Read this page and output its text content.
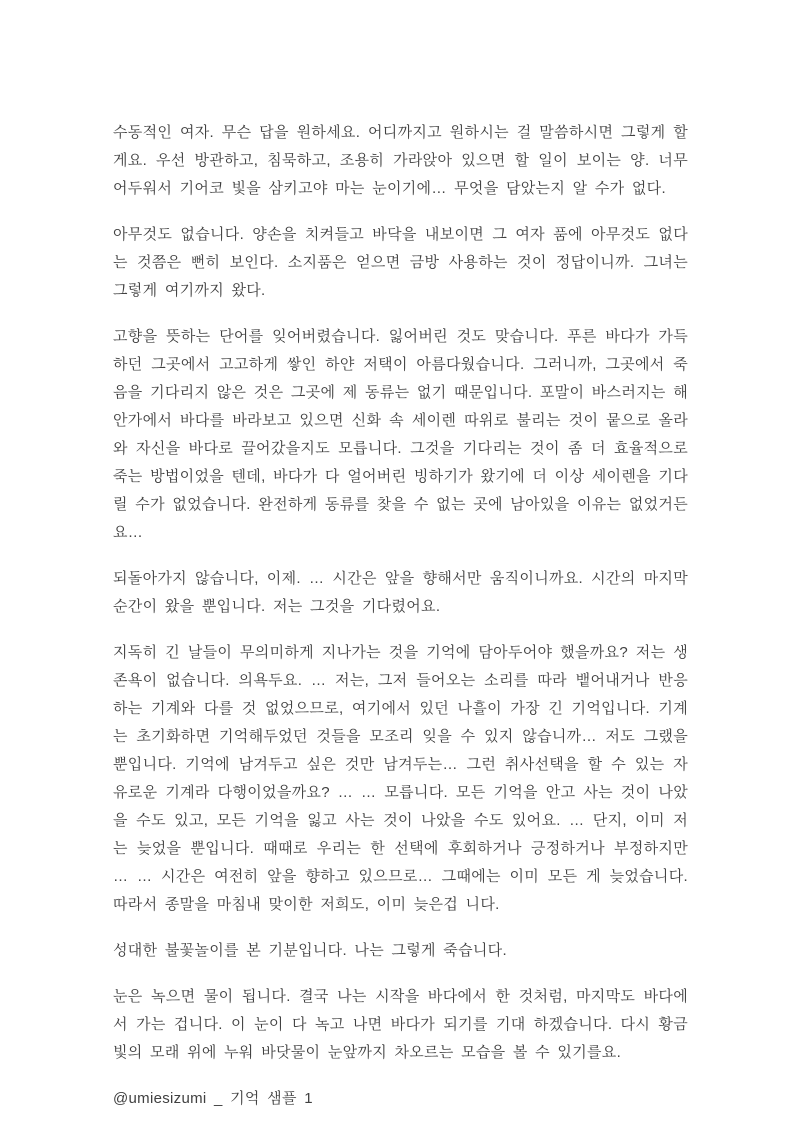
수동적인 여자. 무슨 답을 원하세요. 어디까지고 원하시는 걸 말씀하시면 그렇게 할게요. 우선 방관하고, 침묵하고, 조용히 가라앉아 있으면 할 일이 보이는 양. 너무 어두워서 기어코 빛을 삼키고야 마는 눈이기에… 무엇을 담았는지 알 수가 없다.

아무것도 없습니다. 양손을 치켜들고 바닥을 내보이면 그 여자 품에 아무것도 없다는 것쯤은 뻔히 보인다. 소지품은 얻으면 금방 사용하는 것이 정답이니까. 그녀는 그렇게 여기까지 왔다.

고향을 뜻하는 단어를 잊어버렸습니다. 잃어버린 것도 맞습니다. 푸른 바다가 가득하던 그곳에서 고고하게 쌓인 하얀 저택이 아름다웠습니다. 그러니까, 그곳에서 죽음을 기다리지 않은 것은 그곳에 제 동류는 없기 때문입니다. 포말이 바스러지는 해안가에서 바다를 바라보고 있으면 신화 속 세이렌 따위로 불리는 것이 뭍으로 올라와 자신을 바다로 끌어갔을지도 모릅니다. 그것을 기다리는 것이 좀 더 효율적으로 죽는 방법이었을 텐데, 바다가 다 얼어버린 빙하기가 왔기에 더 이상 세이렌을 기다릴 수가 없었습니다. 완전하게 동류를 찾을 수 없는 곳에 남아있을 이유는 없었거든요…

되돌아가지 않습니다, 이제. … 시간은 앞을 향해서만 움직이니까요. 시간의 마지막 순간이 왔을 뿐입니다. 저는 그것을 기다렸어요.

지독히 긴 날들이 무의미하게 지나가는 것을 기억에 담아두어야 했을까요? 저는 생존욕이 없습니다. 의욕두요. … 저는, 그저 들어오는 소리를 따라 뱉어내거나 반응하는 기계와 다를 것 없었으므로, 여기에서 있던 나흘이 가장 긴 기억입니다. 기계는 초기화하면 기억해두었던 것들을 모조리 잊을 수 있지 않습니까… 저도 그랬을 뿐입니다. 기억에 남겨두고 싶은 것만 남겨두는… 그런 취사선택을 할 수 있는 자유로운 기계라 다행이었을까요? … … 모릅니다. 모든 기억을 안고 사는 것이 나았을 수도 있고, 모든 기억을 잃고 사는 것이 나았을 수도 있어요. … 단지, 이미 저는 늦었을 뿐입니다. 때때로 우리는 한 선택에 후회하거나 긍정하거나 부정하지만… … 시간은 여전히 앞을 향하고 있으므로… 그때에는 이미 모든 게 늦었습니다. 따라서 종말을 마침내 맞이한 저희도, 이미 늦은겁 니다.

성대한 불꽃놀이를 본 기분입니다. 나는 그렇게 죽습니다.

눈은 녹으면 물이 됩니다. 결국 나는 시작을 바다에서 한 것처럼, 마지막도 바다에서 가는 겁니다. 이 눈이 다 녹고 나면 바다가 되기를 기대 하겠습니다. 다시 황금빛의 모래 위에 누워 바닷물이 눈앞까지 차오르는 모습을 볼 수 있기를요.

@umiesizumi _ 기억 샘플 1
